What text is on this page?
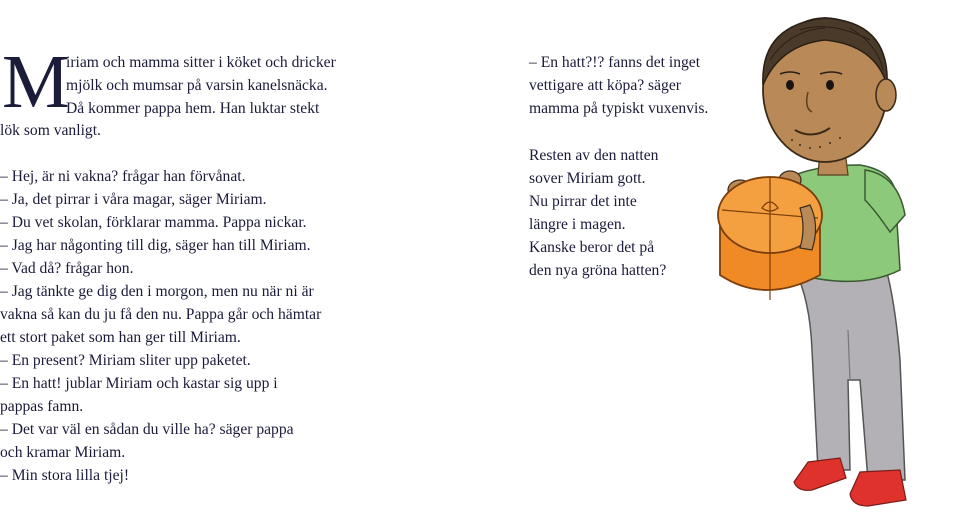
M
iriam och mamma sitter i köket och dricker
mjölk och mumsar på varsin kanelsnäcka.
Då kommer pappa hem. Han luktar stekt
lök som vanligt.
– Hej, är ni vakna? frågar han förvånat.
– Ja, det pirrar i våra magar, säger Miriam.
– Du vet skolan, förklarar mamma. Pappa nickar.
– Jag har någonting till dig, säger han till Miriam.
– Vad då? frågar hon.
– Jag tänkte ge dig den i morgon, men nu när ni är
vakna så kan du ju få den nu. Pappa går och hämtar
ett stort paket som han ger till Miriam.
– En present? Miriam sliter upp paketet.
– En hatt! jublar Miriam och kastar sig upp i
pappas famn.
– Det var väl en sådan du ville ha? säger pappa
och kramar Miriam.
– Min stora lilla tjej!
– En hatt?!? fanns det inget
vettigare att köpa? säger
mamma på typiskt vuxenvis.
Resten av den natten
sover Miriam gott.
Nu pirrar det inte
längre i magen.
Kanske beror det på
den nya gröna hatten?
